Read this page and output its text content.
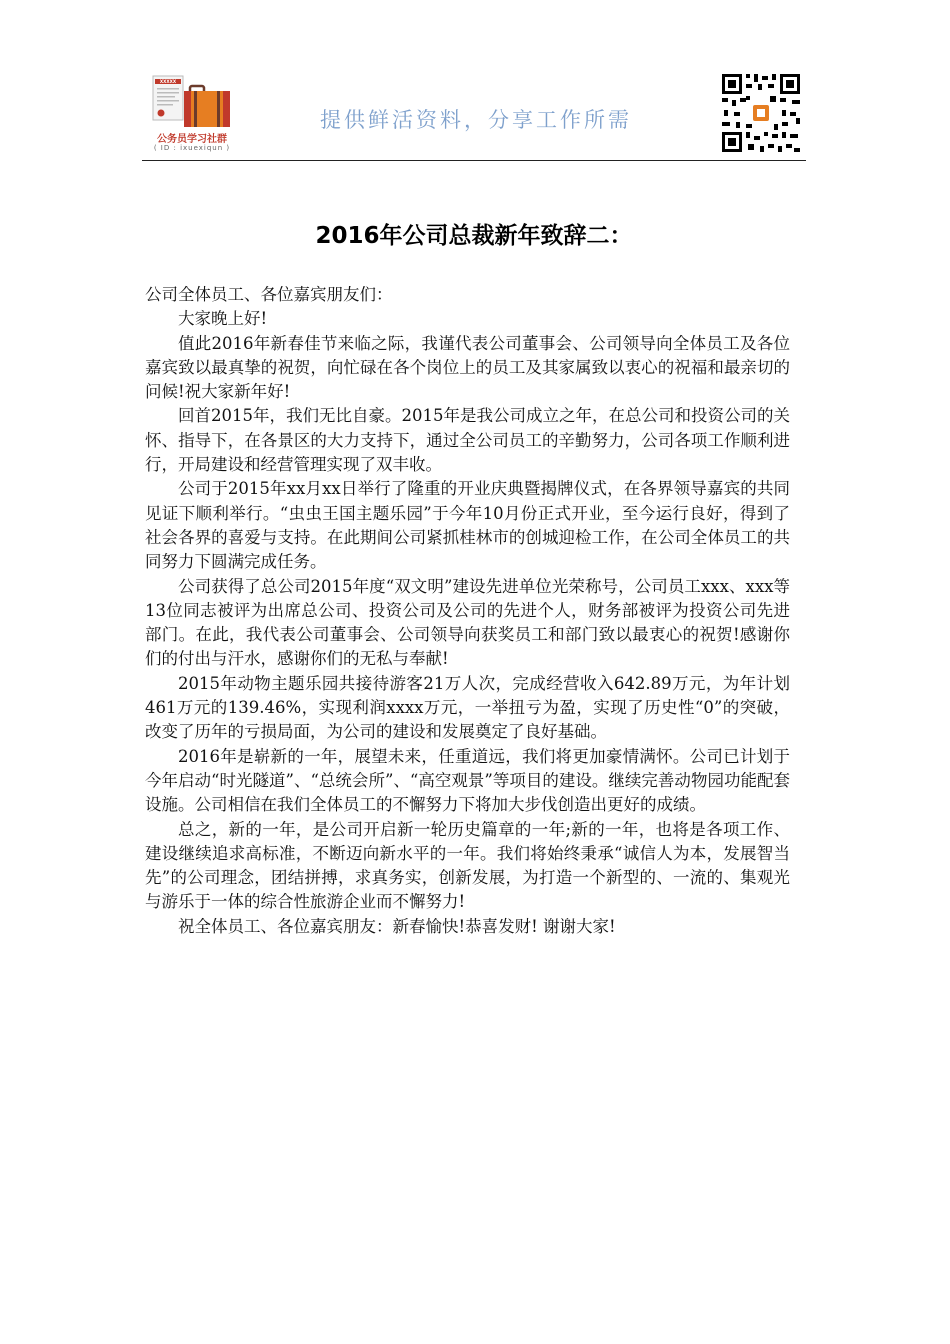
XXXXX
公务员学习社群
( ID : ixuexiqun )
提供鲜活资料，分享工作所需
2016年公司总裁新年致辞二：

公司全体员工、各位嘉宾朋友们：

大家晚上好!

值此2016年新春佳节来临之际，我谨代表公司董事会、公司领导向全体员工及各位嘉宾致以最真挚的祝贺，向忙碌在各个岗位上的员工及其家属致以衷心的祝福和最亲切的问候!祝大家新年好!

回首2015年，我们无比自豪。2015年是我公司成立之年，在总公司和投资公司的关怀、指导下，在各景区的大力支持下，通过全公司员工的辛勤努力，公司各项工作顺利进行，开局建设和经营管理实现了双丰收。

公司于2015年xx月xx日举行了隆重的开业庆典暨揭牌仪式，在各界领导嘉宾的共同见证下顺利举行。“虫虫王国主题乐园”于今年10月份正式开业，至今运行良好，得到了社会各界的喜爱与支持。在此期间公司紧抓桂林市的创城迎检工作，在公司全体员工的共同努力下圆满完成任务。

公司获得了总公司2015年度“双文明”建设先进单位光荣称号，公司员工xxx、xxx等13位同志被评为出席总公司、投资公司及公司的先进个人，财务部被评为投资公司先进部门。在此，我代表公司董事会、公司领导向获奖员工和部门致以最衷心的祝贺!感谢你们的付出与汗水，感谢你们的无私与奉献!

2015年动物主题乐园共接待游客21万人次，完成经营收入642.89万元，为年计划461万元的139.46%，实现利润xxxx万元，一举扭亏为盈，实现了历史性“0”的突破，改变了历年的亏损局面，为公司的建设和发展奠定了良好基础。

2016年是崭新的一年，展望未来，任重道远，我们将更加豪情满怀。公司已计划于今年启动“时光隧道”、“总统会所”、“高空观景”等项目的建设。继续完善动物园功能配套设施。公司相信在我们全体员工的不懈努力下将加大步伐创造出更好的成绩。

总之，新的一年，是公司开启新一轮历史篇章的一年;新的一年，也将是各项工作、建设继续追求高标准，不断迈向新水平的一年。我们将始终秉承“诚信人为本，发展智当先”的公司理念，团结拼搏，求真务实，创新发展，为打造一个新型的、一流的、集观光与游乐于一体的综合性旅游企业而不懈努力!

祝全体员工、各位嘉宾朋友：新春愉快!恭喜发财! 谢谢大家!
